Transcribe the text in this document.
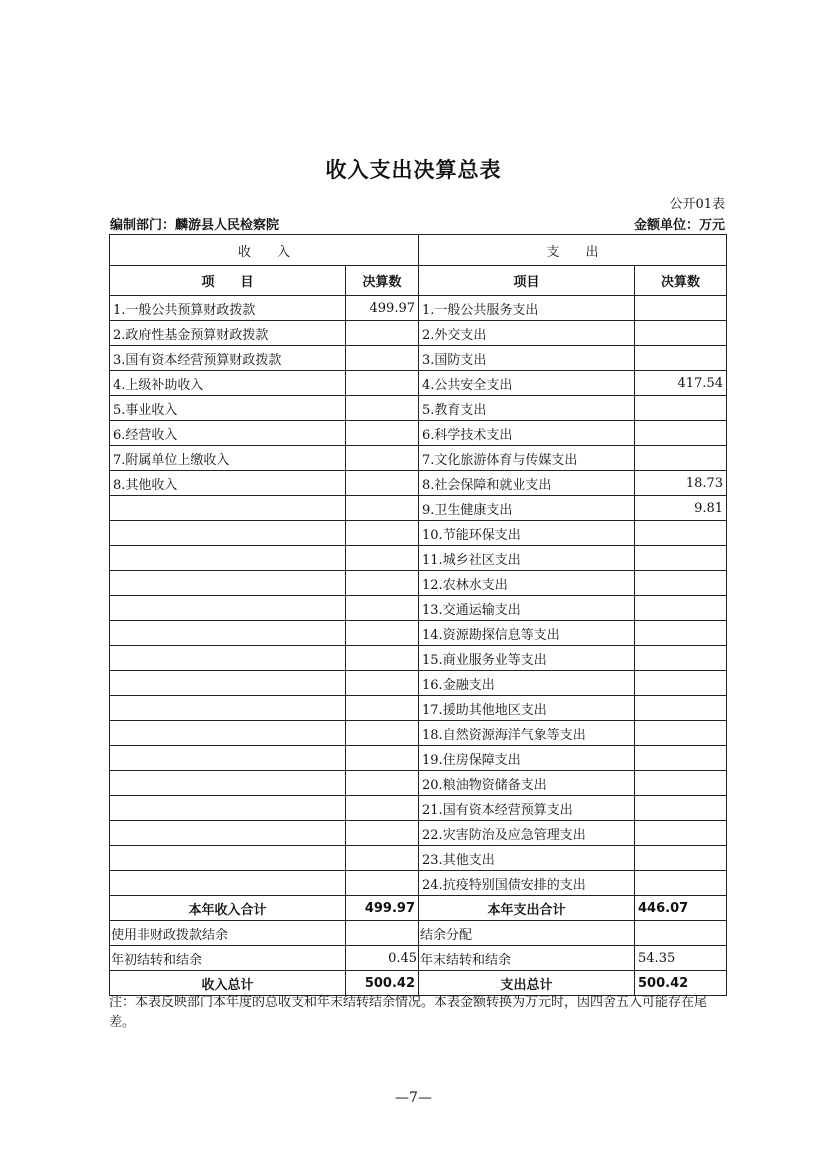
收入支出决算总表
公开01表
编制部门：麟游县人民检察院	金额单位：万元
收　　入		支　　出	
项　　目	决算数	项目	决算数
1.一般公共预算财政拨款	499.97	1.一般公共服务支出	
2.政府性基金预算财政拨款		2.外交支出	
3.国有资本经营预算财政拨款		3.国防支出	
4.上级补助收入		4.公共安全支出	417.54
5.事业收入		5.教育支出	
6.经营收入		6.科学技术支出	
7.附属单位上缴收入		7.文化旅游体育与传媒支出	
8.其他收入		8.社会保障和就业支出	18.73
		9.卫生健康支出	9.81
		10.节能环保支出	
		11.城乡社区支出	
		12.农林水支出	
		13.交通运输支出	
		14.资源勘探信息等支出	
		15.商业服务业等支出	
		16.金融支出	
		17.援助其他地区支出	
		18.自然资源海洋气象等支出	
		19.住房保障支出	
		20.粮油物资储备支出	
		21.国有资本经营预算支出	
		22.灾害防治及应急管理支出	
		23.其他支出	
		24.抗疫特别国债安排的支出	
本年收入合计	499.97	本年支出合计	446.07
使用非财政拨款结余		结余分配	
年初结转和结余	0.45	年末结转和结余	54.35
收入总计	500.42	支出总计	500.42
注：本表反映部门本年度的总收支和年末结转结余情况。本表金额转换为万元时，因四舍五入可能存在尾差。
—7—
